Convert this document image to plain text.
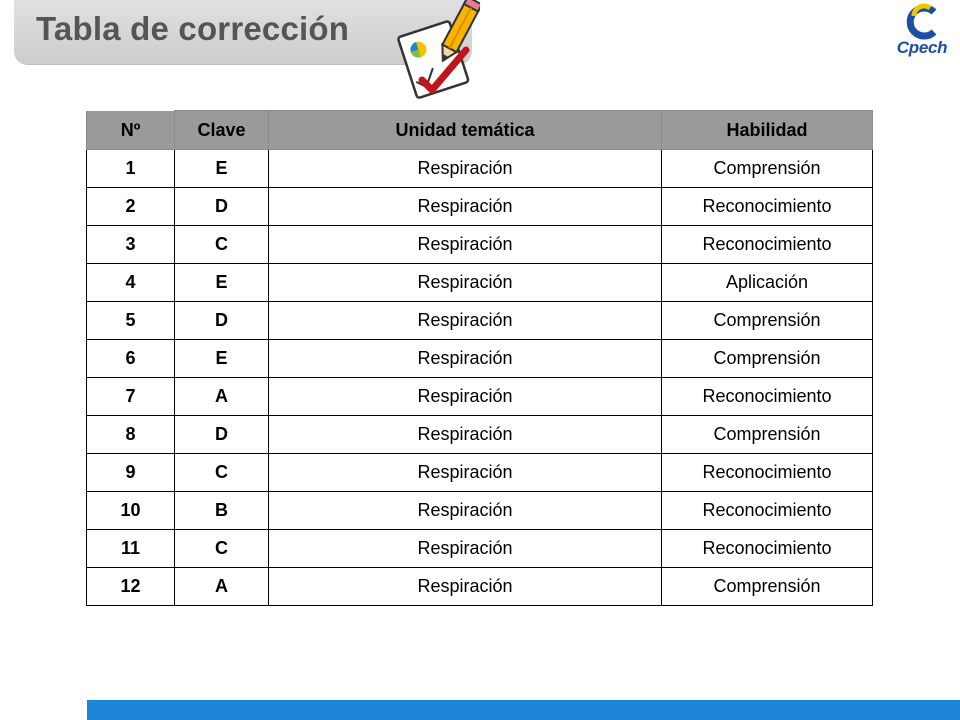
Tabla de corrección
Cpech
Nº	Clave	Unidad temática	Habilidad
1	E	Respiración	Comprensión
2	D	Respiración	Reconocimiento
3	C	Respiración	Reconocimiento
4	E	Respiración	Aplicación
5	D	Respiración	Comprensión
6	E	Respiración	Comprensión
7	A	Respiración	Reconocimiento
8	D	Respiración	Comprensión
9	C	Respiración	Reconocimiento
10	B	Respiración	Reconocimiento
11	C	Respiración	Reconocimiento
12	A	Respiración	Comprensión
